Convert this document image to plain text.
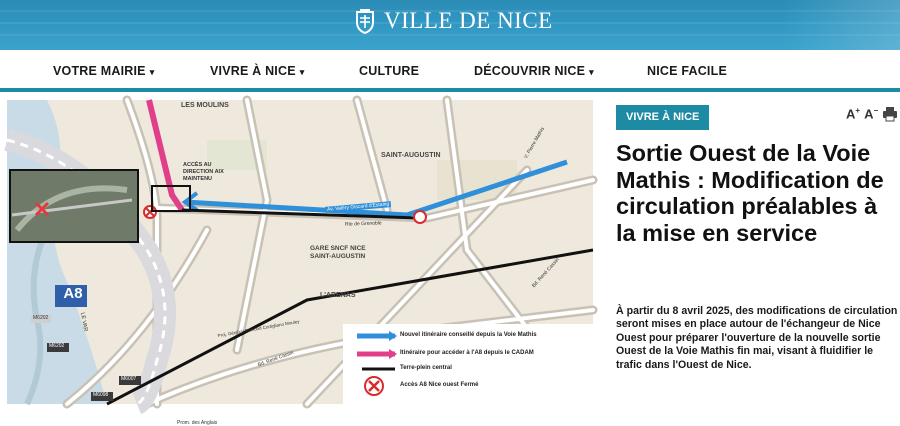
VILLE DE NICE
VOTRE MAIRIE ▾	VIVRE À NICE ▾	CULTURE	DÉCOUVRIR NICE ▾	NICE FACILE
LES MOULINS
ACCÈS AU
DIRECTION AIX
MAINTENU
SAINT-AUGUSTIN
GARE SNCF NICE
SAINT-AUGUSTIN
L'ARENAS
A8
LE VAR
Rte de Grenoble
Av. Valéry Giscard d'Estaing
Bd. René Cassin
Bd. René Cassin
Prom. des Anglais
V. Pierre Mathis
M6202
M6007
M6098
M6202
Proj. Général Edmond Cortigliano Mouley	Nouvel itinéraire conseillé depuis la Voie Mathis
Itinéraire pour accéder à l'A8 depuis le CADAM
Terre-plein central
Accès A8 Nice ouest Fermé
VIVRE À NICE	A+ A−
Sortie Ouest de la Voie Mathis : Modification de circulation préalables à la mise en service

À partir du 8 avril 2025, des modifications de circulation seront mises en place autour de l'échangeur de Nice Ouest pour préparer l'ouverture de la nouvelle sortie Ouest de la Voie Mathis fin mai, visant à fluidifier le trafic dans l'Ouest de Nice.
